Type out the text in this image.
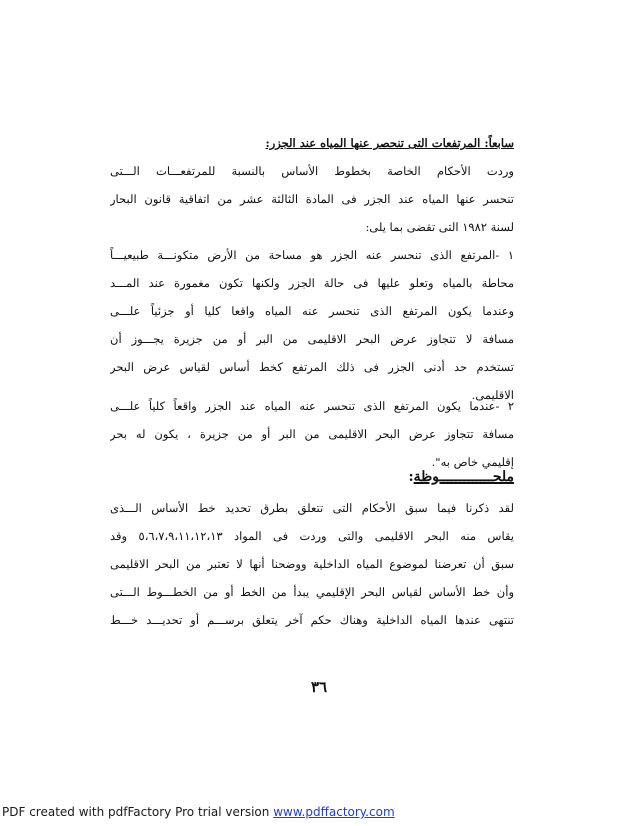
سابعاً: المرتفعات التى تنحصر عنها المياه عند الجزر:
وردت الأحكام الخاصة بخطوط الأساس بالنسبة للمرتفعـــات الـــتى
تنحسر عنها المياه عند الجزر فى المادة الثالثة عشر من اتفاقية قانون البحار
لسنة ١٩٨٢ التى تقضى بما يلى:
١ -المرتفع الذى تنحسر عنه الجزر هو مساحة من الأرض متكونـــة طبيعيـــاً
محاطة بالمياه وتعلو عليها فى حالة الجزر ولكنها تكون مغمورة عند المـــد
وعندما يكون المرتفع الذى تنحسر عنه المياه واقعا كليا أو جزئياً علـــى
مسافة لا تتجاوز عرض البحر الاقليمى من البر أو من جزيرة يجـــوز أن
تستخدم حد أدنى الجزر فى ذلك المرتفع كخط أساس لقياس عرض البحر
الاقليمى.
٢ -عندما يكون المرتفع الذى تنحسر عنه المياه عند الجزر واقعاً كلياً علـــى
مسافة تتجاوز عرض البحر الاقليمى من البر أو من جزيرة ، يكون له بحر
إقليمي خاص به".
ملحـــــــــــــوظة:
لقد ذكرنا فيما سبق الأحكام التى تتعلق بطرق تحديد خط الأساس الـــذى
يقاس منه البحر الاقليمى والتى وردت فى المواد ٥،٦،٧،٩،١١،١٢،١٣ وقد
سبق أن تعرضنا لموضوع المياه الداخلية ووضحنا أنها لا تعتبر من البحر الاقليمى
وأن خط الأساس لقياس البحر الإقليمي يبدأ من الخط أو من الخطـــوط الـــتى
تنتهى عندها المياه الداخلية وهناك حكم آخر يتعلق برســـم أو تحديـــد خـــط
٣٦
PDF created with pdfFactory Pro trial version www.pdffactory.com
